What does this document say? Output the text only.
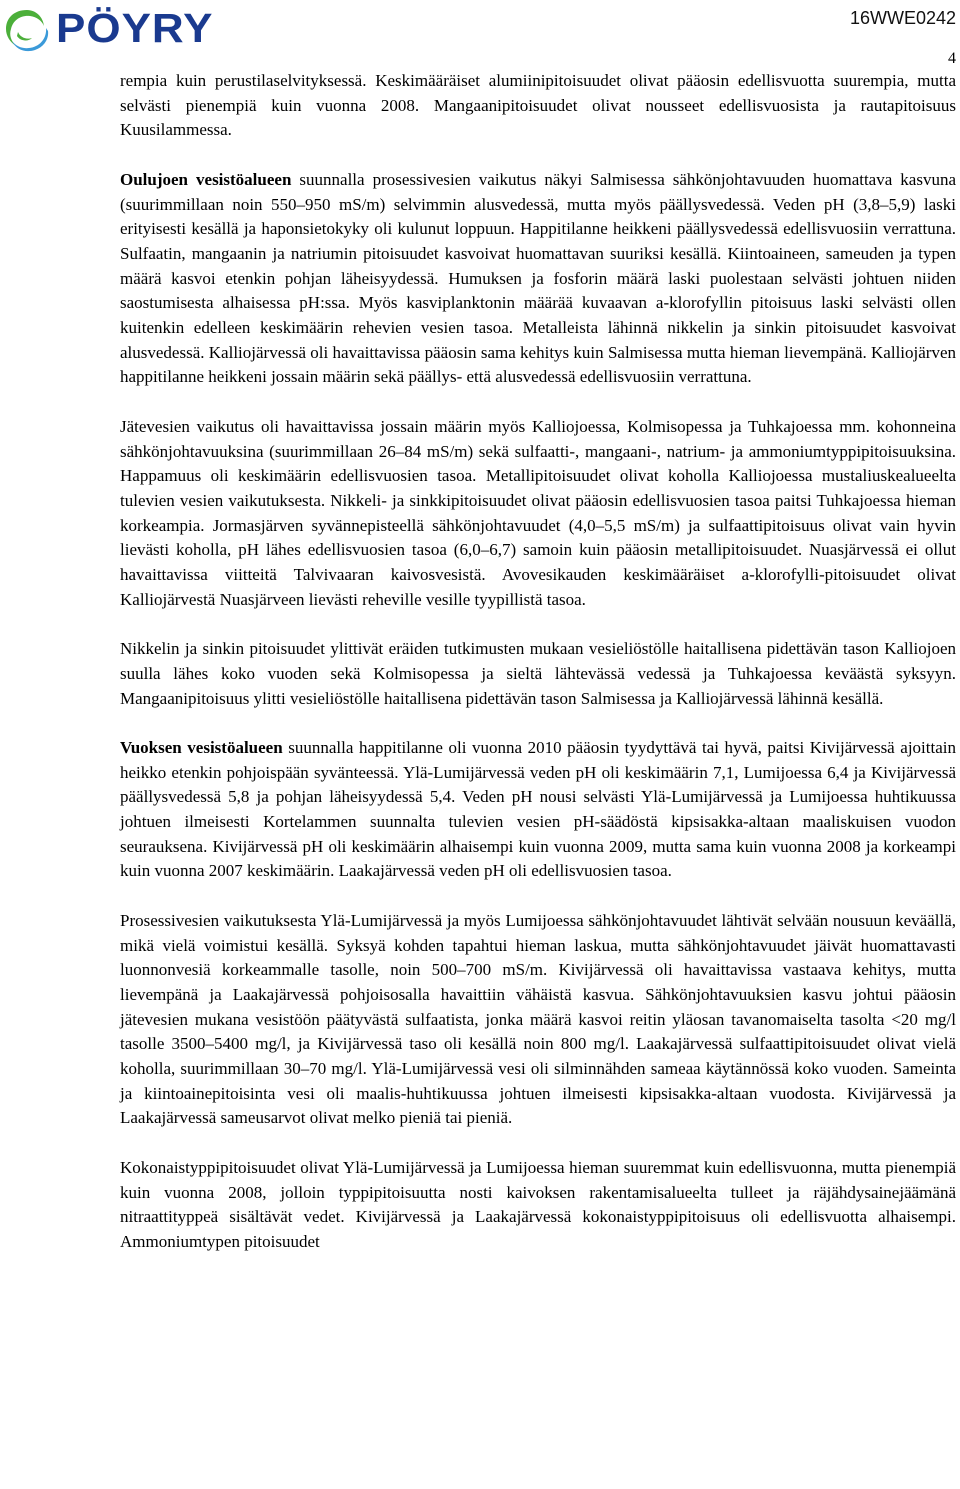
PÖYRY	16WWE0242
4

rempia kuin perustilaselvityksessä. Keskimääräiset alumiinipitoisuudet olivat pääosin edellisvuotta suurempia, mutta selvästi pienempiä kuin vuonna 2008. Mangaanipitoisuudet olivat nousseet edellisvuosista ja rautapitoisuus Kuusilammessa.

Oulujoen vesistöalueen suunnalla prosessivesien vaikutus näkyi Salmisessa sähkönjohtavuuden huomattava kasvuna (suurimmillaan noin 550–950 mS/m) selvimmin alusvedessä, mutta myös päällysvedessä. Veden pH (3,8–5,9) laski erityisesti kesällä ja haponsietokyky oli kulunut loppuun. Happitilanne heikkeni päällysvedessä edellisvuosiin verrattuna. Sulfaatin, mangaanin ja natriumin pitoisuudet kasvoivat huomattavan suuriksi kesällä. Kiintoaineen, sameuden ja typen määrä kasvoi etenkin pohjan läheisyydessä. Humuksen ja fosforin määrä laski puolestaan selvästi johtuen niiden saostumisesta alhaisessa pH:ssa. Myös kasviplanktonin määrää kuvaavan a-klorofyllin pitoisuus laski selvästi ollen kuitenkin edelleen keskimäärin rehevien vesien tasoa. Metalleista lähinnä nikkelin ja sinkin pitoisuudet kasvoivat alusvedessä. Kalliojärvessä oli havaittavissa pääosin sama kehitys kuin Salmisessa mutta hieman lievempänä. Kalliojärven happitilanne heikkeni jossain määrin sekä päällys- että alusvedessä edellisvuosiin verrattuna.

Jätevesien vaikutus oli havaittavissa jossain määrin myös Kalliojoessa, Kolmisopessa ja Tuhkajoessa mm. kohonneina sähkönjohtavuuksina (suurimmillaan 26–84 mS/m) sekä sulfaatti-, mangaani-, natrium- ja ammoniumtyppipitoisuuksina. Happamuus oli keskimäärin edellisvuosien tasoa. Metallipitoisuudet olivat koholla Kalliojoessa mustaliuskealueelta tulevien vesien vaikutuksesta. Nikkeli- ja sinkkipitoisuudet olivat pääosin edellisvuosien tasoa paitsi Tuhkajoessa hieman korkeampia. Jormasjärven syvännepisteellä sähkönjohtavuudet (4,0–5,5 mS/m) ja sulfaattipitoisuus olivat vain hyvin lievästi koholla, pH lähes edellisvuosien tasoa (6,0–6,7) samoin kuin pääosin metallipitoisuudet. Nuasjärvessä ei ollut havaittavissa viitteitä Talvivaaran kaivosvesistä. Avovesikauden keskimääräiset a-klorofylli-pitoisuudet olivat Kalliojärvestä Nuasjärveen lievästi reheville vesille tyypillistä tasoa.

Nikkelin ja sinkin pitoisuudet ylittivät eräiden tutkimusten mukaan vesieliöstölle haitallisena pidettävän tason Kalliojoen suulla lähes koko vuoden sekä Kolmisopessa ja sieltä lähtevässä vedessä ja Tuhkajoessa keväästä syksyyn. Mangaanipitoisuus ylitti vesieliöstölle haitallisena pidettävän tason Salmisessa ja Kalliojärvessä lähinnä kesällä.

Vuoksen vesistöalueen suunnalla happitilanne oli vuonna 2010 pääosin tyydyttävä tai hyvä, paitsi Kivijärvessä ajoittain heikko etenkin pohjoispään syvänteessä. Ylä-Lumijärvessä veden pH oli keskimäärin 7,1, Lumijoessa 6,4 ja Kivijärvessä päällysvedessä 5,8 ja pohjan läheisyydessä 5,4. Veden pH nousi selvästi Ylä-Lumijärvessä ja Lumijoessa huhtikuussa johtuen ilmeisesti Kortelammen suunnalta tulevien vesien pH-säädöstä kipsisakka-altaan maaliskuisen vuodon seurauksena. Kivijärvessä pH oli keskimäärin alhaisempi kuin vuonna 2009, mutta sama kuin vuonna 2008 ja korkeampi kuin vuonna 2007 keskimäärin. Laakajärvessä veden pH oli edellisvuosien tasoa.

Prosessivesien vaikutuksesta Ylä-Lumijärvessä ja myös Lumijoessa sähkönjohtavuudet lähtivät selvään nousuun keväällä, mikä vielä voimistui kesällä. Syksyä kohden tapahtui hieman laskua, mutta sähkönjohtavuudet jäivät huomattavasti luonnonvesiä korkeammalle tasolle, noin 500–700 mS/m. Kivijärvessä oli havaittavissa vastaava kehitys, mutta lievempänä ja Laakajärvessä pohjoisosalla havaittiin vähäistä kasvua. Sähkönjohtavuuksien kasvu johtui pääosin jätevesien mukana vesistöön päätyvästä sulfaatista, jonka määrä kasvoi reitin yläosan tavanomaiselta tasolta <20 mg/l tasolle 3500–5400 mg/l, ja Kivijärvessä taso oli kesällä noin 800 mg/l. Laakajärvessä sulfaattipitoisuudet olivat vielä koholla, suurimmillaan 30–70 mg/l. Ylä-Lumijärvessä vesi oli silminnähden sameaa käytännössä koko vuoden. Sameinta ja kiintoainepitoisinta vesi oli maalis-huhtikuussa johtuen ilmeisesti kipsisakka-altaan vuodosta. Kivijärvessä ja Laakajärvessä sameusarvot olivat melko pieniä tai pieniä.

Kokonaistyppipitoisuudet olivat Ylä-Lumijärvessä ja Lumijoessa hieman suuremmat kuin edellisvuonna, mutta pienempiä kuin vuonna 2008, jolloin typpipitoisuutta nosti kaivoksen rakentamisalueelta tulleet ja räjähdysainejäämänä nitraattityppeä sisältävät vedet. Kivijärvessä ja Laakajärvessä kokonaistyppipitoisuus oli edellisvuotta alhaisempi. Ammoniumtypen pitoisuudet
